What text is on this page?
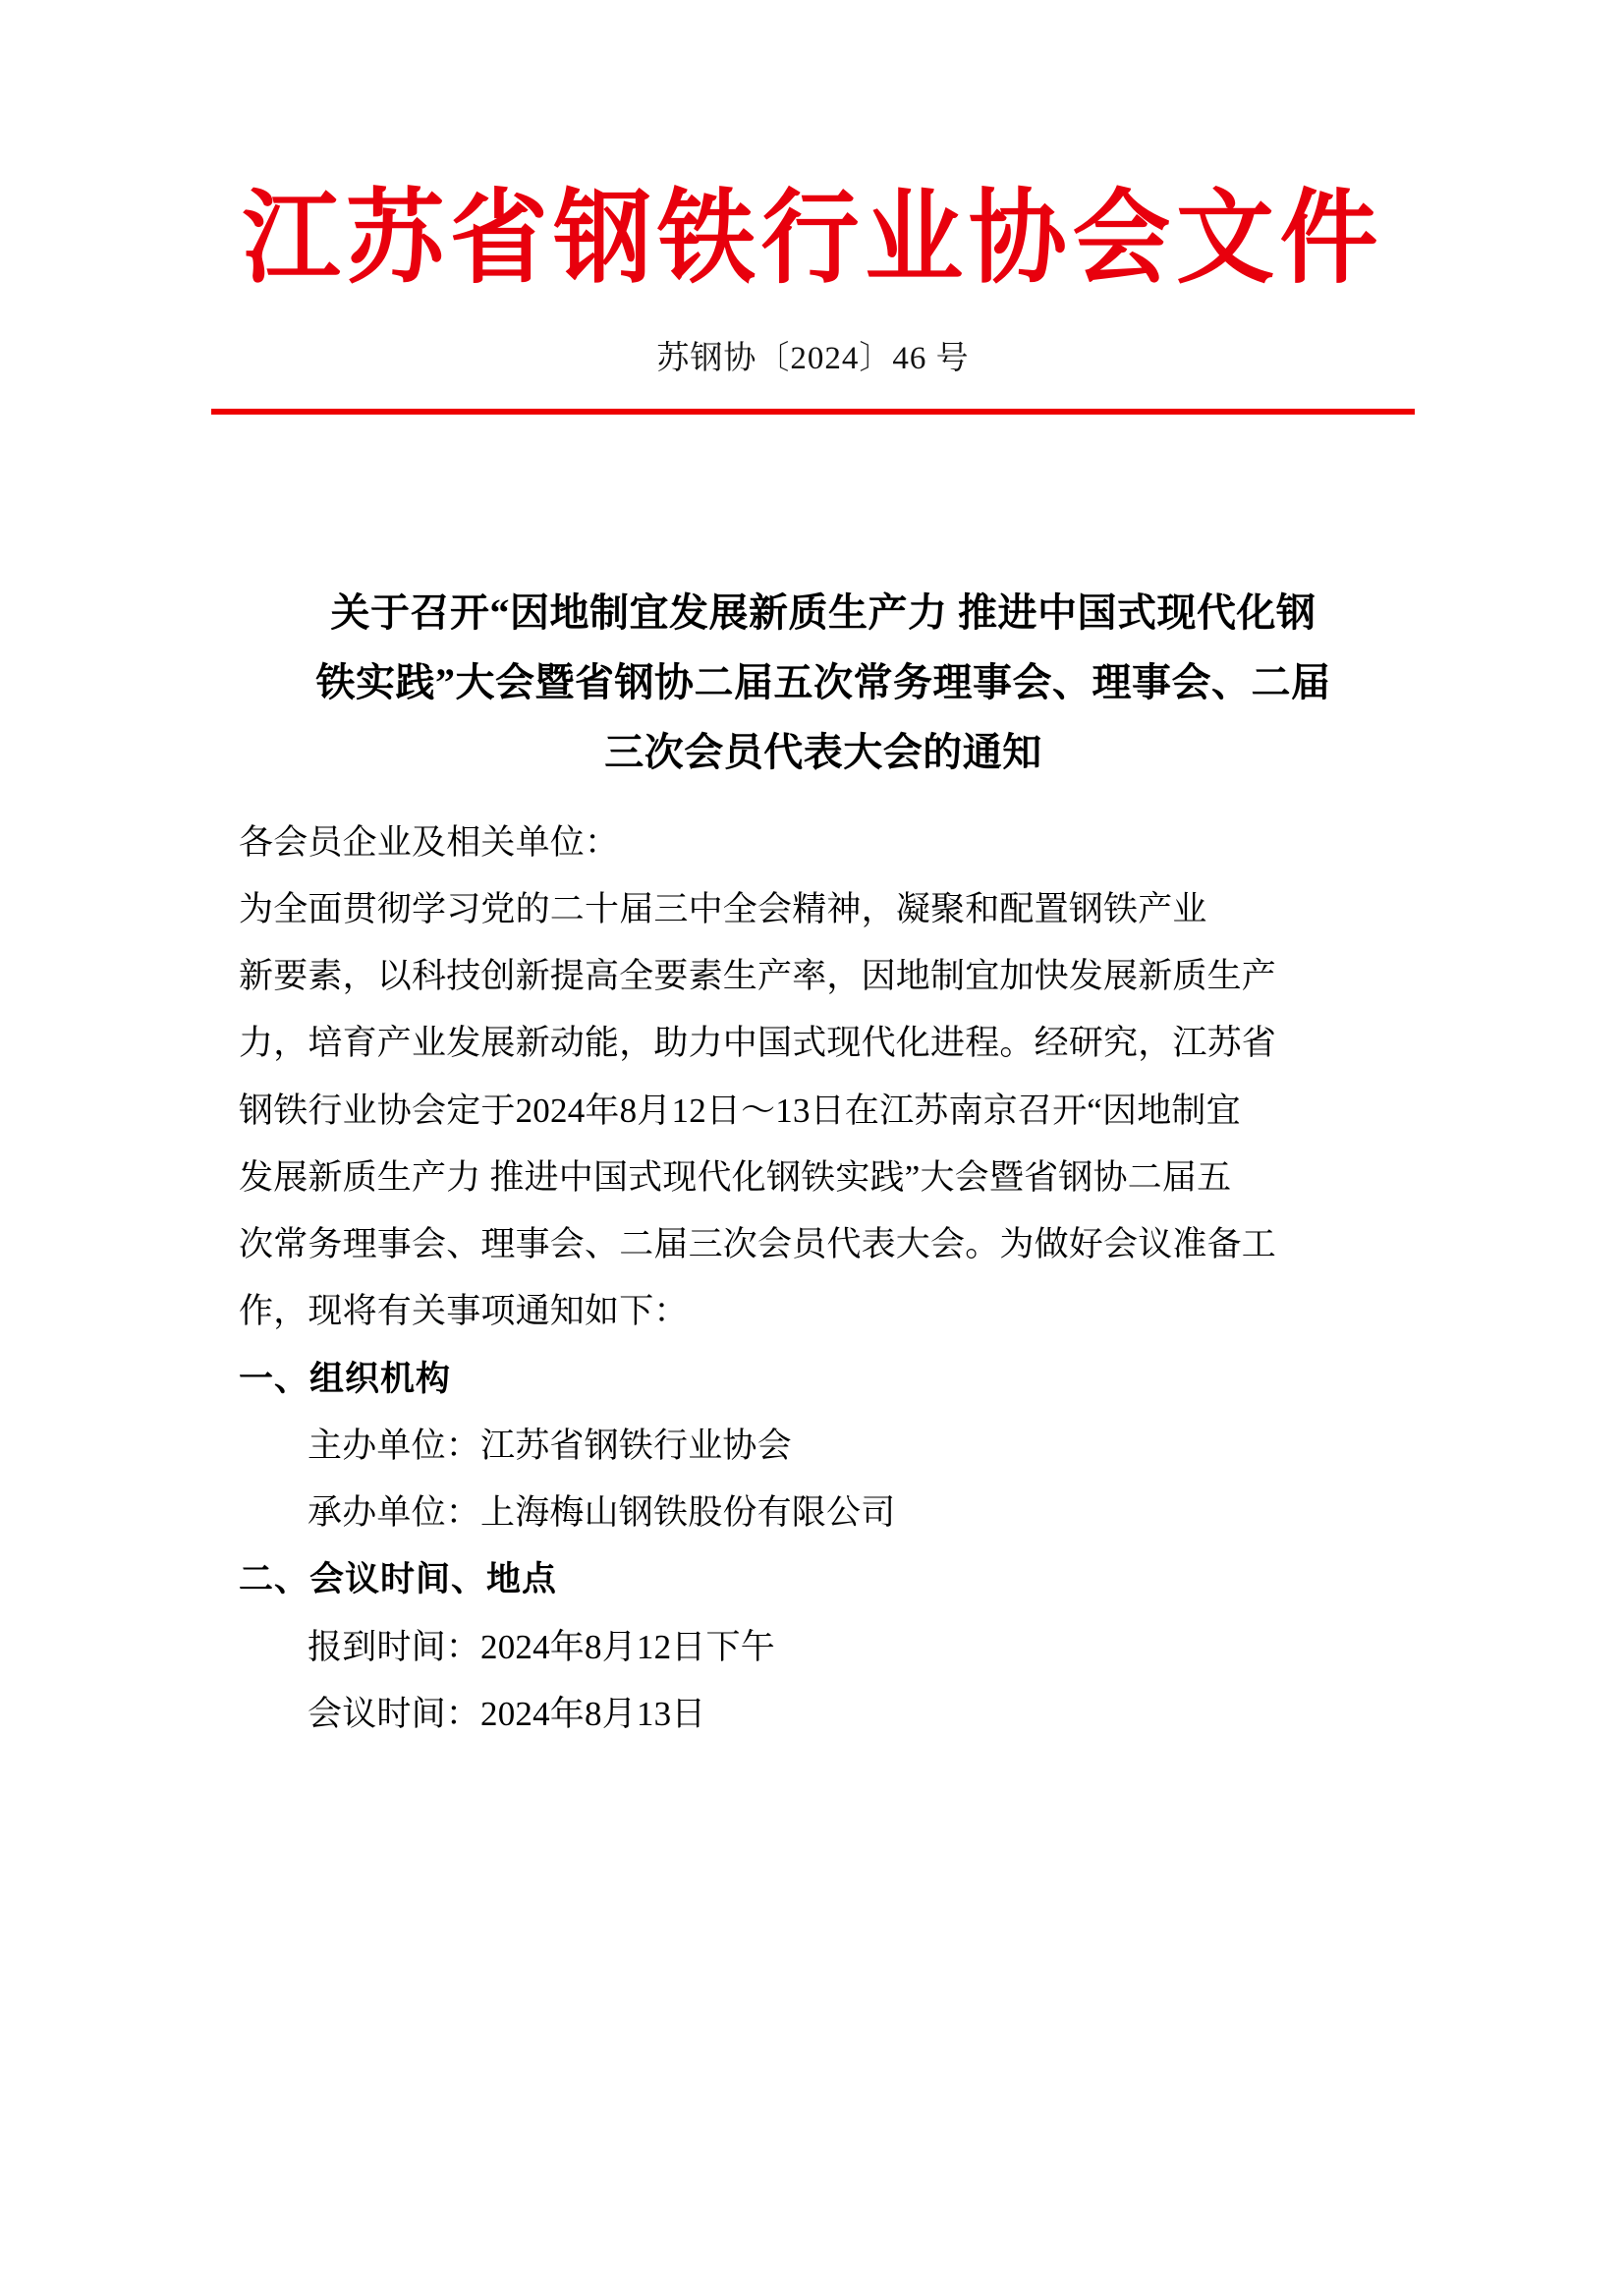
江苏省钢铁行业协会文件
苏钢协〔2024〕46 号
关于召开“因地制宜发展新质生产力 推进中国式现代化钢
铁实践”大会暨省钢协二届五次常务理事会、理事会、二届
三次会员代表大会的通知

各会员企业及相关单位：

为全面贯彻学习党的二十届三中全会精神，凝聚和配置钢铁产业
新要素，以科技创新提高全要素生产率，因地制宜加快发展新质生产
力，培育产业发展新动能，助力中国式现代化进程。经研究，江苏省
钢铁行业协会定于2024年8月12日～13日在江苏南京召开“因地制宜
发展新质生产力 推进中国式现代化钢铁实践”大会暨省钢协二届五
次常务理事会、理事会、二届三次会员代表大会。为做好会议准备工
作，现将有关事项通知如下：

一、组织机构

主办单位：江苏省钢铁行业协会

承办单位：上海梅山钢铁股份有限公司

二、会议时间、地点

报到时间：2024年8月12日下午

会议时间：2024年8月13日
